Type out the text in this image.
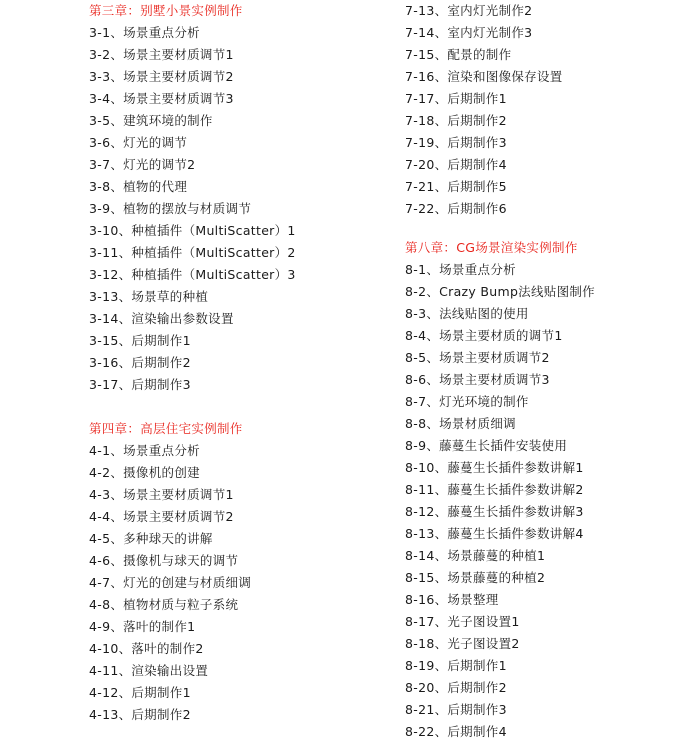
第三章：别墅小景实例制作
3-1、场景重点分析
3-2、场景主要材质调节1
3-3、场景主要材质调节2
3-4、场景主要材质调节3
3-5、建筑环境的制作
3-6、灯光的调节
3-7、灯光的调节2
3-8、植物的代理
3-9、植物的摆放与材质调节
3-10、种植插件（MultiScatter）1
3-11、种植插件（MultiScatter）2
3-12、种植插件（MultiScatter）3
3-13、场景草的种植
3-14、渲染输出参数设置
3-15、后期制作1
3-16、后期制作2
3-17、后期制作3
第四章：高层住宅实例制作
4-1、场景重点分析
4-2、摄像机的创建
4-3、场景主要材质调节1
4-4、场景主要材质调节2
4-5、多种球天的讲解
4-6、摄像机与球天的调节
4-7、灯光的创建与材质细调
4-8、植物材质与粒子系统
4-9、落叶的制作1
4-10、落叶的制作2
4-11、渲染输出设置
4-12、后期制作1
4-13、后期制作2
7-13、室内灯光制作2
7-14、室内灯光制作3
7-15、配景的制作
7-16、渲染和图像保存设置
7-17、后期制作1
7-18、后期制作2
7-19、后期制作3
7-20、后期制作4
7-21、后期制作5
7-22、后期制作6
第八章：CG场景渲染实例制作
8-1、场景重点分析
8-2、Crazy Bump法线贴图制作
8-3、法线贴图的使用
8-4、场景主要材质的调节1
8-5、场景主要材质调节2
8-6、场景主要材质调节3
8-7、灯光环境的制作
8-8、场景材质细调
8-9、藤蔓生长插件安装使用
8-10、藤蔓生长插件参数讲解1
8-11、藤蔓生长插件参数讲解2
8-12、藤蔓生长插件参数讲解3
8-13、藤蔓生长插件参数讲解4
8-14、场景藤蔓的种植1
8-15、场景藤蔓的种植2
8-16、场景整理
8-17、光子图设置1
8-18、光子图设置2
8-19、后期制作1
8-20、后期制作2
8-21、后期制作3
8-22、后期制作4
